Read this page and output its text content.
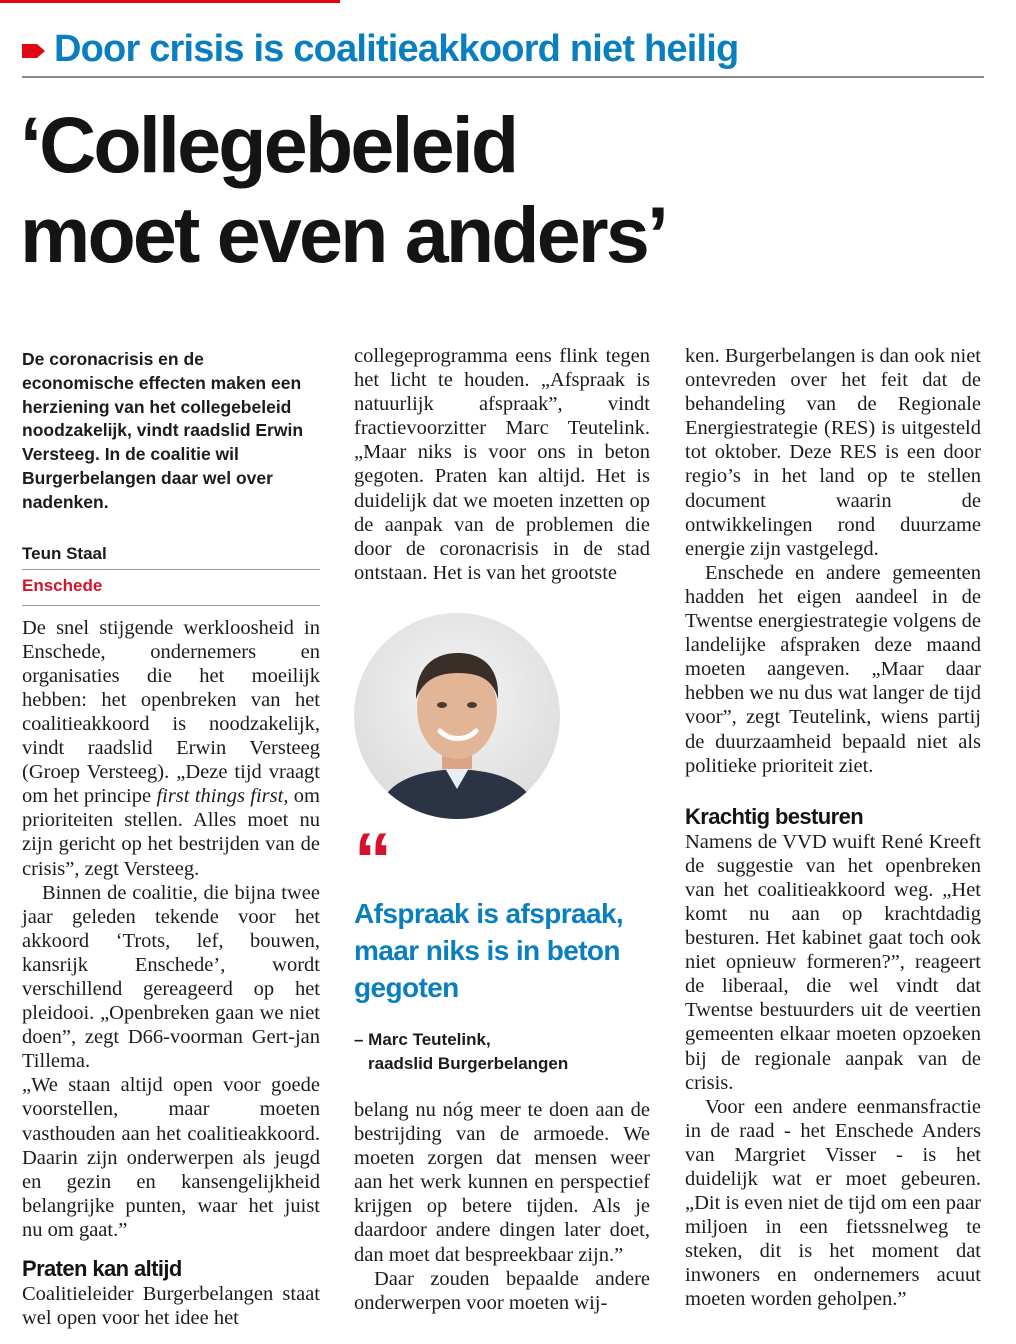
Door crisis is coalitieakkoord niet heilig
‘Collegebeleid
moet even anders’

De coronacrisis en de economische effecten maken een herziening van het collegebeleid noodzakelijk, vindt raadslid Erwin Versteeg. In de coalitie wil Burgerbelangen daar wel over nadenken.

Teun Staal

Enschede

De snel stijgende werkloosheid in Enschede, ondernemers en organisaties die het moeilijk hebben: het openbreken van het coalitieakkoord is noodzakelijk, vindt raadslid Erwin Versteeg (Groep Versteeg). „Deze tijd vraagt om het principe first things first, om prioriteiten stellen. Alles moet nu zijn gericht op het bestrijden van de crisis”, zegt Versteeg.

Binnen de coalitie, die bijna twee jaar geleden tekende voor het akkoord ‘Trots, lef, bouwen, kansrijk Enschede’, wordt verschillend gereageerd op het pleidooi. „Openbreken gaan we niet doen”, zegt D66-voorman Gert-jan Tillema.

„We staan altijd open voor goede voorstellen, maar moeten vasthouden aan het coalitieakkoord. Daarin zijn onderwerpen als jeugd en gezin en kansengelijkheid belangrijke punten, waar het juist nu om gaat.”

Praten kan altijd

Coalitieleider Burgerbelangen staat wel open voor het idee het

collegeprogramma eens flink tegen het licht te houden. „Afspraak is natuurlijk afspraak”, vindt fractievoorzitter Marc Teutelink. „Maar niks is voor ons in beton gegoten. Praten kan altijd. Het is duidelijk dat we moeten inzetten op de aanpak van de problemen die door de coronacrisis in de stad ontstaan. Het is van het grootste

“

Afspraak is afspraak, maar niks is in beton gegoten

– Marc Teutelink,
raadslid Burgerbelangen

belang nu nóg meer te doen aan de bestrijding van de armoede. We moeten zorgen dat mensen weer aan het werk kunnen en perspectief krijgen op betere tijden. Als je daardoor andere dingen later doet, dan moet dat bespreekbaar zijn.”

Daar zouden bepaalde andere onderwerpen voor moeten wij-

ken. Burgerbelangen is dan ook niet ontevreden over het feit dat de behandeling van de Regionale Energiestrategie (RES) is uitgesteld tot oktober. Deze RES is een door regio’s in het land op te stellen document waarin de ontwikkelingen rond duurzame energie zijn vastgelegd.

Enschede en andere gemeenten hadden het eigen aandeel in de Twentse energiestrategie volgens de landelijke afspraken deze maand moeten aangeven. „Maar daar hebben we nu dus wat langer de tijd voor”, zegt Teutelink, wiens partij de duurzaamheid bepaald niet als politieke prioriteit ziet.

Krachtig besturen

Namens de VVD wuift René Kreeft de suggestie van het openbreken van het coalitieakkoord weg. „Het komt nu aan op krachtdadig besturen. Het kabinet gaat toch ook niet opnieuw formeren?”, reageert de liberaal, die wel vindt dat Twentse bestuurders uit de veertien gemeenten elkaar moeten opzoeken bij de regionale aanpak van de crisis.

Voor een andere eenmansfractie in de raad - het Enschede Anders van Margriet Visser - is het duidelijk wat er moet gebeuren. „Dit is even niet de tijd om een paar miljoen in een fietssnelweg te steken, dit is het moment dat inwoners en ondernemers acuut moeten worden geholpen.”
